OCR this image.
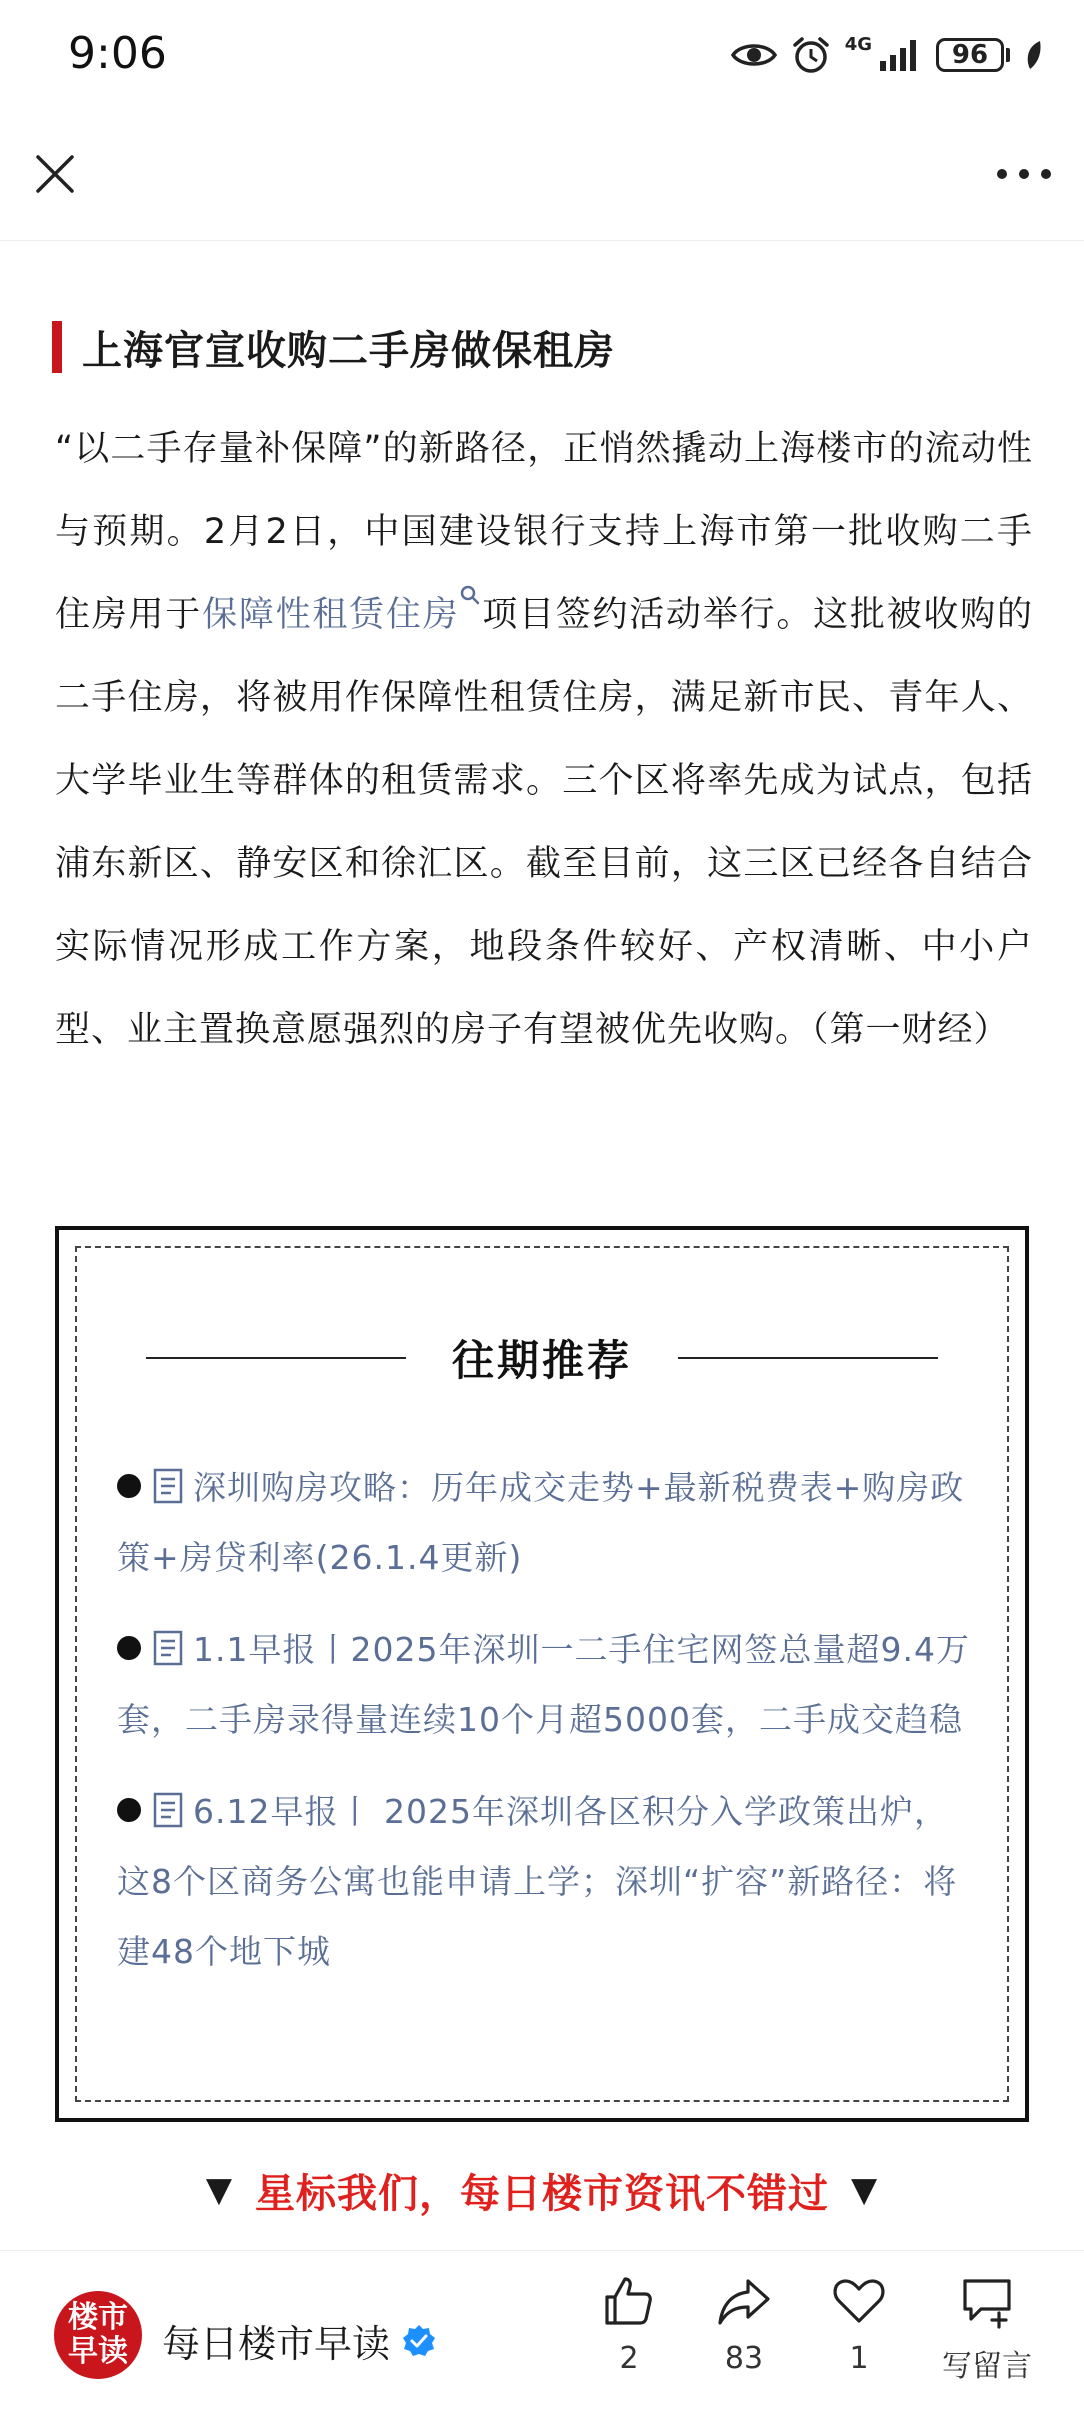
9:06	4G	96
上海官宣收购二手房做保租房
“以二手存量补保障”的新路径，正悄然撬动上海楼市的流动性与预期。2月2日，中国建设银行支持上海市第一批收购二手住房用于保障性租赁住房 项目签约活动举行。这批被收购的二手住房，将被用作保障性租赁住房，满足新市民、青年人、大学毕业生等群体的租赁需求。三个区将率先成为试点，包括浦东新区、静安区和徐汇区。截至目前，这三区已经各自结合实际情况形成工作方案，地段条件较好、产权清晰、中小户型、业主置换意愿强烈的房子有望被优先收购。（第一财经）
往期推荐
深圳购房攻略：历年成交走势+最新税费表+购房政策+房贷利率(26.1.4更新)
1.1早报丨2025年深圳一二手住宅网签总量超9.4万套，二手房录得量连续10个月超5000套，二手成交趋稳
6.12早报丨 2025年深圳各区积分入学政策出炉，这8个区商务公寓也能申请上学；深圳“扩容”新路径：将建48个地下城
▼ 星标我们，每日楼市资讯不错过 ▼
楼市
早读 每日楼市早读	2	83	1	写留言
